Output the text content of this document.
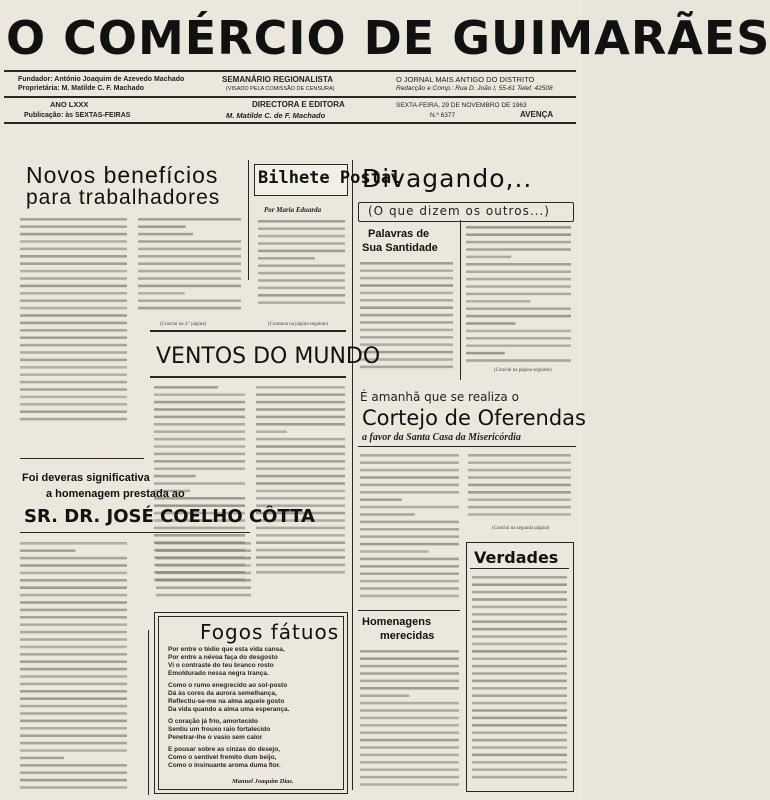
O COMÉRCIO DE GUIMARÃES
Fundador: António Joaquim de Azevedo Machado
Proprietária: M. Matilde C. F. Machado
SEMANÁRIO REGIONALISTA
(VISADO PELA COMISSÃO DE CENSURA)
O JORNAL MAIS ANTIGO DO DISTRITO
Redacção e Comp.: Rua D. João I, 55-61 Telef. 42508
ANO LXXX
Publicação: às SEXTAS-FEIRAS
DIRECTORA E EDITORA
M. Matilde C. de F. Machado
SEXTA-FEIRA, 29 DE NOVEMBRO DE 1963
N.º 6377	AVENÇA
Novos benefícios
para trabalhadores
(Conclui na 4.ª página)
Bilhete Postal
Por Maria Eduarda
(Continua na página seguinte)
Divagando,..
(O que dizem os outros...)
Palavras de
Sua Santidade
(Conclui na página seguinte)
VENTOS DO MUNDO
Foi deveras significativa
a homenagem prestada ao
SR. DR. JOSÉ COELHO CÔTTA
Fogos fátuos
Por entre o tédio que esta vida cansa,
Por entre a névoa faça do desgosto
Vi o contraste do teu branco rosto
Emoldurado nessa negra trança.
Como o rumo enegrecido ao sol-posto
Dá às cores da aurora semelhança,
Reflectiu-se-me na alma aquele gosto
Da vida quando a alma uma esperança.
O coração já frio, amortecido
Sentiu um frouxo raio fortalecido
Penetrar-lhe o vasio sem calor
E pousar sobre as cinzas do desejo,
Como o sentivel fremito dum beijo,
Como o insinuante aroma duma flor.
Manuel Joaquim Dias.
É amanhã que se realiza o
Cortejo de Oferendas
a favor da Santa Casa da Misericórdia
(Conclui na segunda página)
Verdades
Homenagens
merecidas
